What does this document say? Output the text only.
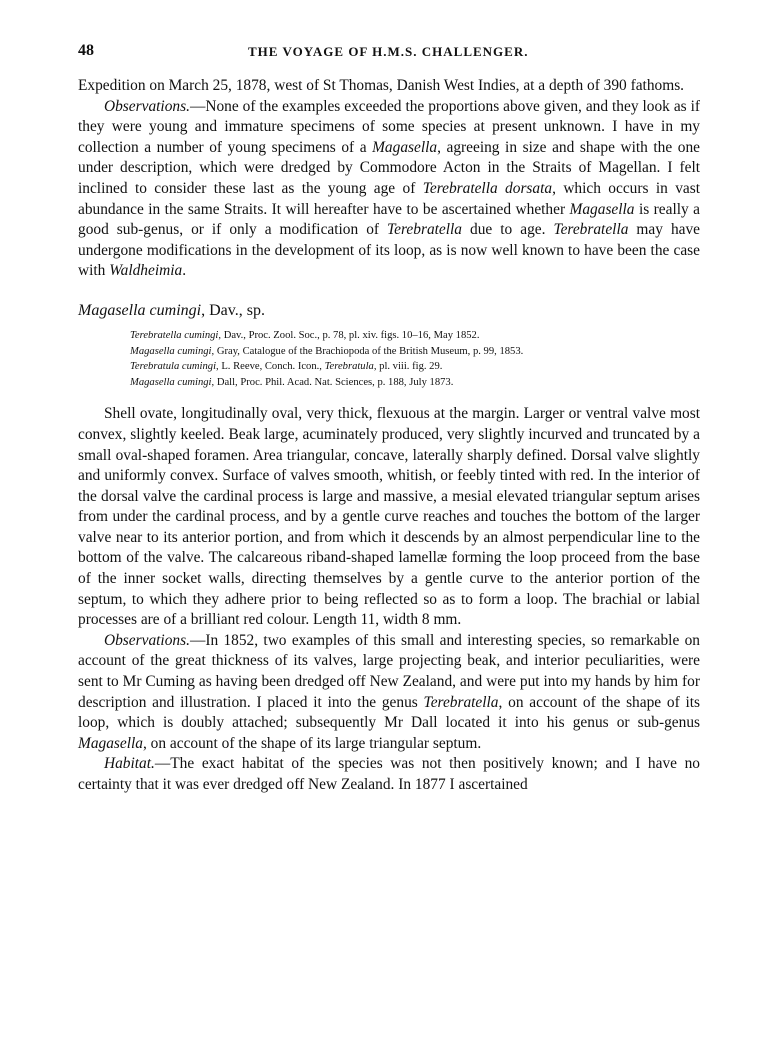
48	THE VOYAGE OF H.M.S. CHALLENGER.

Expedition on March 25, 1878, west of St Thomas, Danish West Indies, at a depth of 390 fathoms.

Observations.—None of the examples exceeded the proportions above given, and they look as if they were young and immature specimens of some species at present unknown. I have in my collection a number of young specimens of a Magasella, agreeing in size and shape with the one under description, which were dredged by Commodore Acton in the Straits of Magellan. I felt inclined to consider these last as the young age of Terebratella dorsata, which occurs in vast abundance in the same Straits. It will hereafter have to be ascertained whether Magasella is really a good sub-genus, or if only a modification of Terebratella due to age. Terebratella may have undergone modifications in the development of its loop, as is now well known to have been the case with Waldheimia.

Magasella cumingi, Dav., sp.

Terebratella cumingi, Dav., Proc. Zool. Soc., p. 78, pl. xiv. figs. 10–16, May 1852.
Magasella cumingi, Gray, Catalogue of the Brachiopoda of the British Museum, p. 99, 1853.
Terebratula cumingi, L. Reeve, Conch. Icon., Terebratula, pl. viii. fig. 29.
Magasella cumingi, Dall, Proc. Phil. Acad. Nat. Sciences, p. 188, July 1873.

Shell ovate, longitudinally oval, very thick, flexuous at the margin. Larger or ventral valve most convex, slightly keeled. Beak large, acuminately produced, very slightly incurved and truncated by a small oval-shaped foramen. Area triangular, concave, laterally sharply defined. Dorsal valve slightly and uniformly convex. Surface of valves smooth, whitish, or feebly tinted with red. In the interior of the dorsal valve the cardinal process is large and massive, a mesial elevated triangular septum arises from under the cardinal process, and by a gentle curve reaches and touches the bottom of the larger valve near to its anterior portion, and from which it descends by an almost perpendicular line to the bottom of the valve. The calcareous riband-shaped lamellæ forming the loop proceed from the base of the inner socket walls, directing themselves by a gentle curve to the anterior portion of the septum, to which they adhere prior to being reflected so as to form a loop. The brachial or labial processes are of a brilliant red colour. Length 11, width 8 mm.

Observations.—In 1852, two examples of this small and interesting species, so remarkable on account of the great thickness of its valves, large projecting beak, and interior peculiarities, were sent to Mr Cuming as having been dredged off New Zealand, and were put into my hands by him for description and illustration. I placed it into the genus Terebratella, on account of the shape of its loop, which is doubly attached; subsequently Mr Dall located it into his genus or sub-genus Magasella, on account of the shape of its large triangular septum.

Habitat.—The exact habitat of the species was not then positively known; and I have no certainty that it was ever dredged off New Zealand. In 1877 I ascertained
